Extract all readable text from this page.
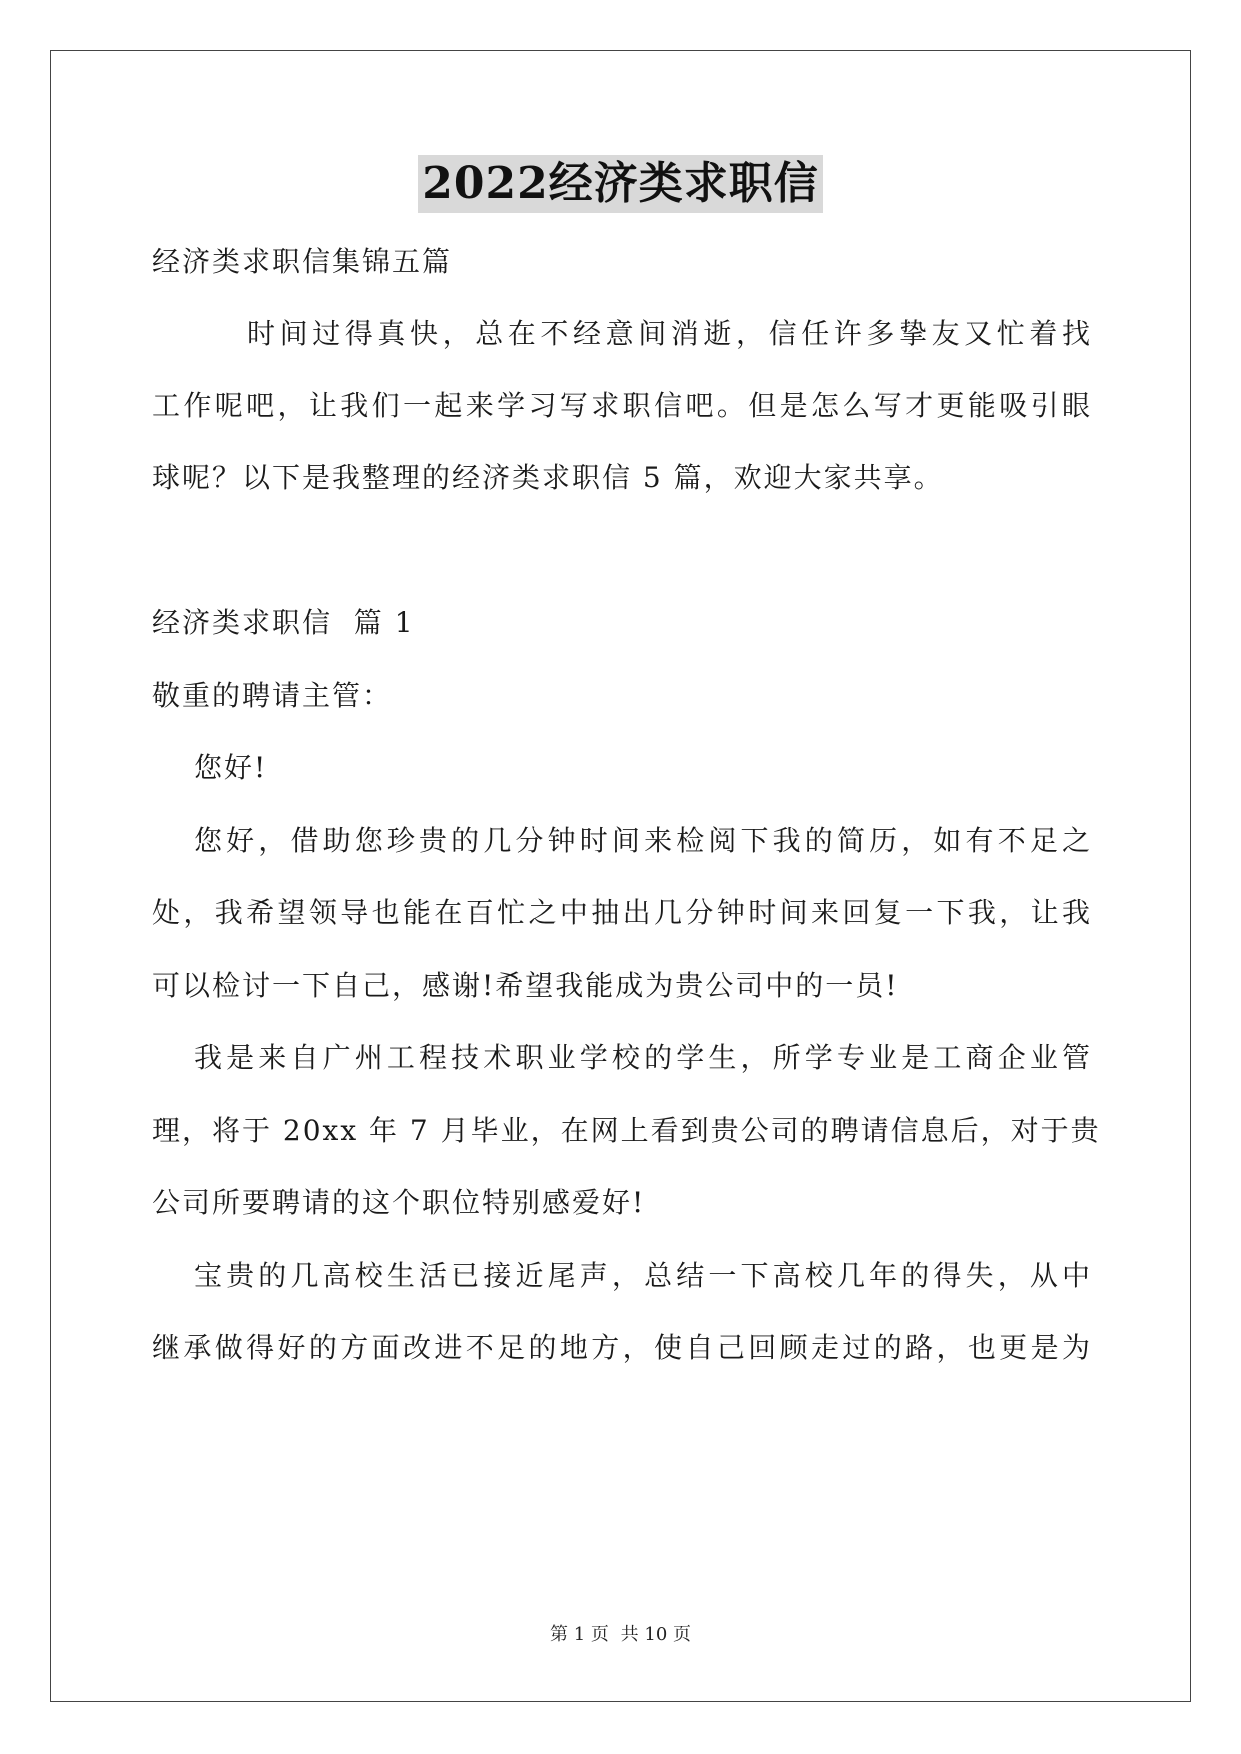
2022经济类求职信
经济类求职信集锦五篇
时间过得真快，总在不经意间消逝，信任许多挚友又忙着找
工作呢吧，让我们一起来学习写求职信吧。但是怎么写才更能吸引眼
球呢？以下是我整理的经济类求职信 5 篇，欢迎大家共享。
经济类求职信  篇 1
敬重的聘请主管：
您好!
您好，借助您珍贵的几分钟时间来检阅下我的简历，如有不足之
处，我希望领导也能在百忙之中抽出几分钟时间来回复一下我，让我
可以检讨一下自己，感谢!希望我能成为贵公司中的一员!
我是来自广州工程技术职业学校的学生，所学专业是工商企业管
理，将于 20xx 年 7 月毕业，在网上看到贵公司的聘请信息后，对于贵
公司所要聘请的这个职位特别感爱好!
宝贵的几高校生活已接近尾声，总结一下高校几年的得失，从中
继承做得好的方面改进不足的地方，使自己回顾走过的路，也更是为
第 1 页 共 10 页
